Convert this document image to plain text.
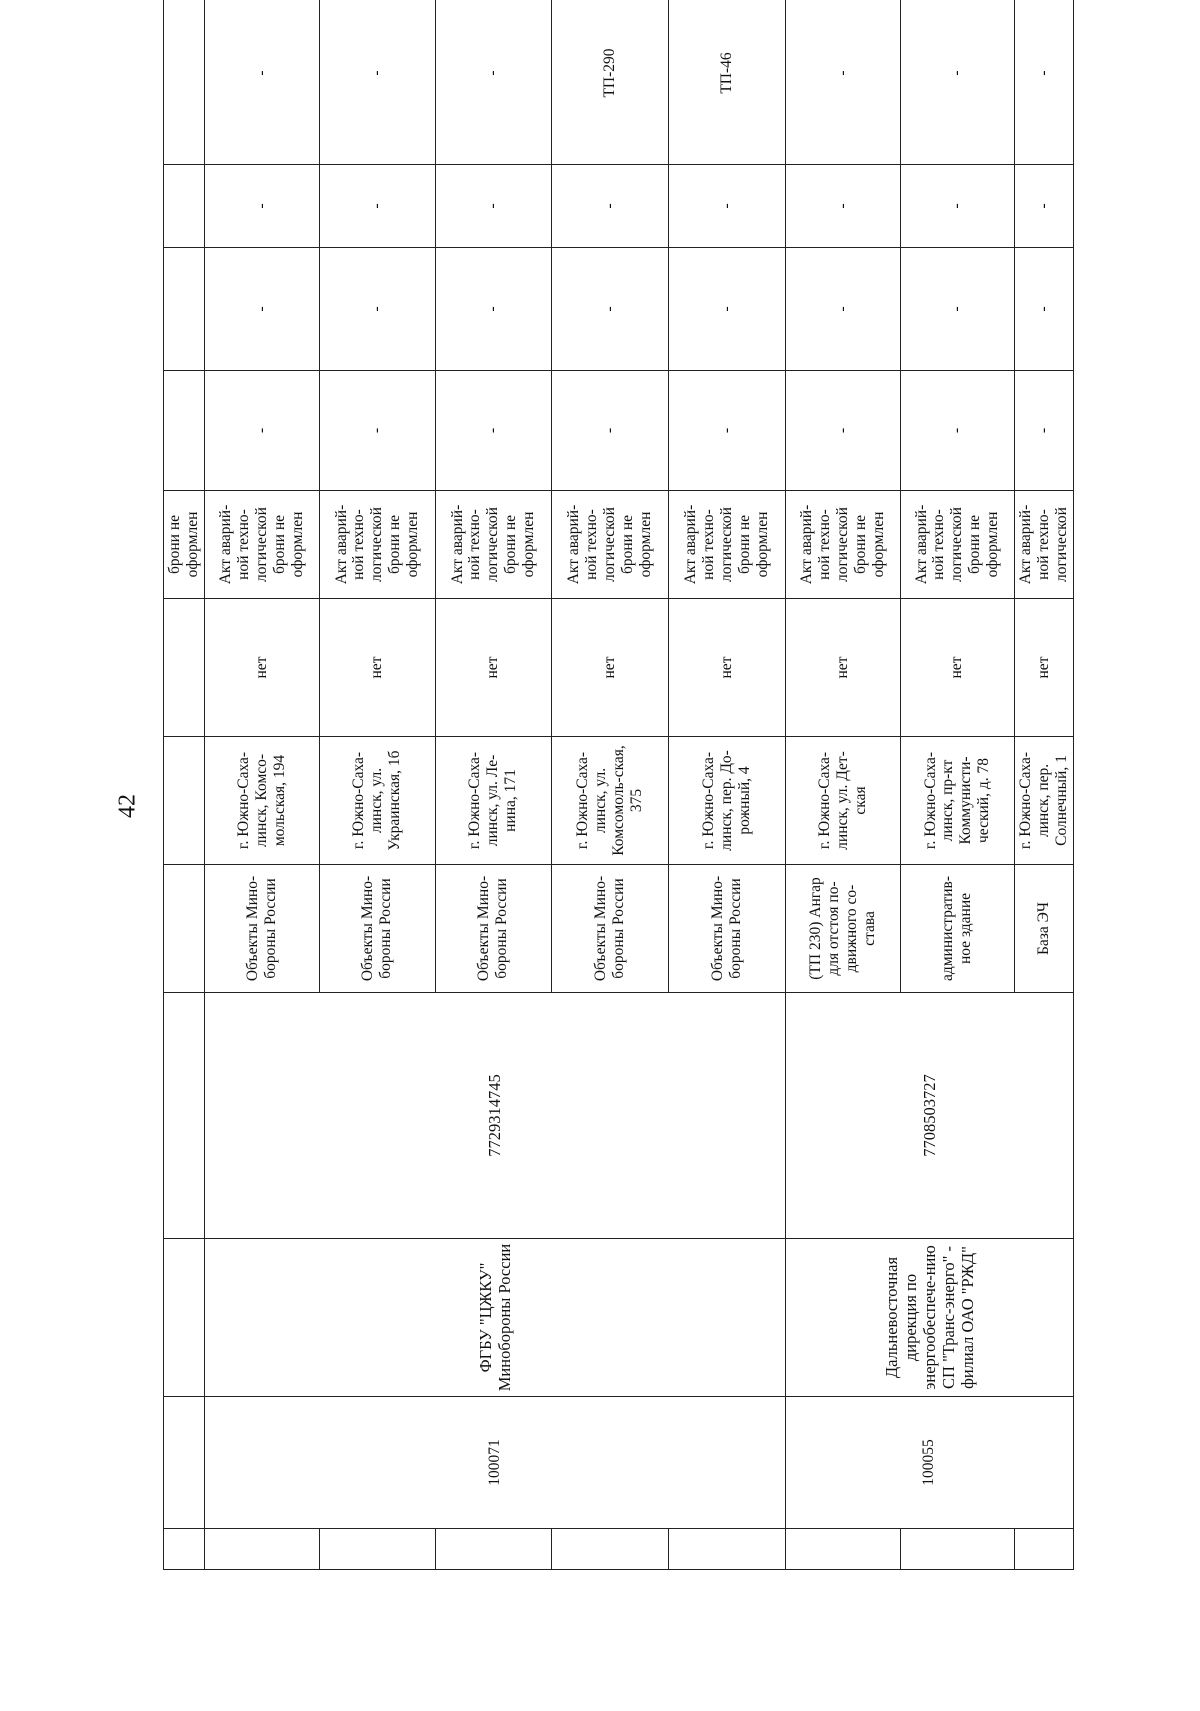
42
							брони не оформлен				
	100071	ФГБУ "ЦЖКУ" Минобороны России	7729314745	Объекты Мино-бороны России	г. Южно-Саха-линск, Комсо-мольская, 194	нет	Акт аварий-ной техно-логической брони не оформлен	-	-	-	-
				Объекты Мино-бороны России	г. Южно-Саха-линск, ул. Украинская, 1б	нет	Акт аварий-ной техно-логической брони не оформлен	-	-	-	-
				Объекты Мино-бороны России	г. Южно-Саха-линск, ул. Ле-нина, 171	нет	Акт аварий-ной техно-логической брони не оформлен	-	-	-	-
				Объекты Мино-бороны России	г. Южно-Саха-линск, ул. Комсомоль-ская, 375	нет	Акт аварий-ной техно-логической брони не оформлен	-	-	-	ТП-290
				Объекты Мино-бороны России	г. Южно-Саха-линск, пер. До-рожный, 4	нет	Акт аварий-ной техно-логической брони не оформлен	-	-	-	ТП-46
	100055	Дальневосточная дирекция по энергообеспече-нию СП "Транс-энерго" - филиал ОАО "РЖД"	7708503727	(ТП 230) Ангар для отстоя по-движного со-става	г. Южно-Саха-линск, ул. Дет-ская	нет	Акт аварий-ной техно-логической брони не оформлен	-	-	-	-
				административ-ное здание	г. Южно-Саха-линск, пр-кт Коммунисти-ческий, д. 78	нет	Акт аварий-ной техно-логической брони не оформлен	-	-	-	-
				База ЭЧ	г. Южно-Саха-линск, пер. Солнечный, 1	нет	Акт аварий-ной техно-логической	-	-	-	-
